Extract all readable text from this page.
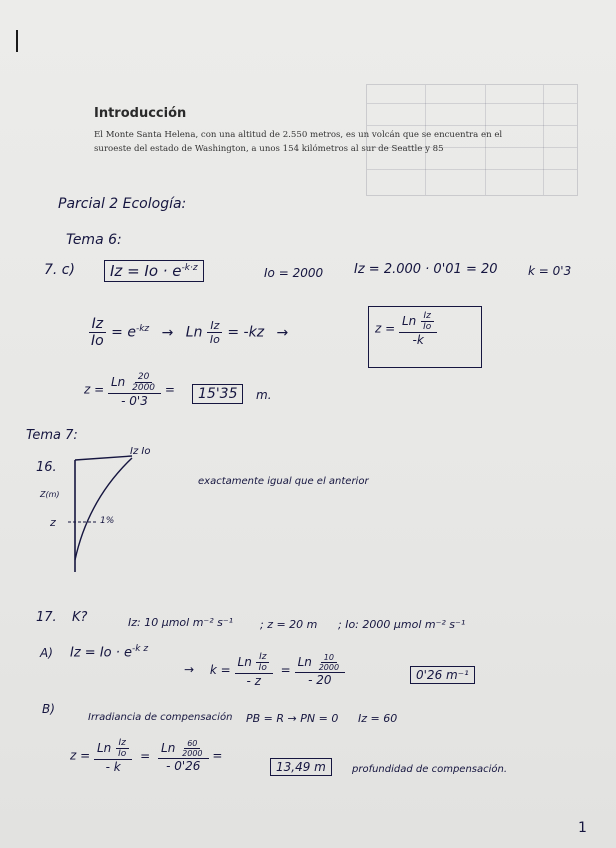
Introducción
El Monte Santa Helena, con una altitud de 2.550 metros, es un volcán que se encuentra en el suroeste del estado de Washington, a unos 154 kilómetros al sur de Seattle y 85
Parcial 2 Ecología:
Tema 6:
7. c)	$Iz = Io \cdot e^{-k\cdot z}$	Io = 2000 Iz = 2.000 · 0'01 = 20	k = 0'3
$\frac{Iz}{Io} = e^{-kz} \to Ln \frac{Iz}{Io} = -kz$ →	$z = \frac{Ln \frac{Iz}{Io}}{-k}$
$z = \frac{Ln \frac{20}{2000}}{- 0'3}$ =	15'35	m.
Tema 7:
16.
Iz Io
Z(m)
z	1%
exactamente igual que el anterior
17. K?	Iz: 10 μmol m⁻² s⁻¹ ; z = 20 m ; Io: 2000 μmol m⁻² s⁻¹
A) $Iz = Io \cdot e^{-k z}$
→ $k = \frac{Ln \frac{Iz}{Io}}{- z} = \frac{Ln \frac{10}{2000}}{- 20}$	0'26 m⁻¹
B)
Irradiancia de compensación PB = R → PN = 0 Iz = 60
$z = \frac{Ln \frac{Iz}{Io}}{- k} = \frac{Ln \frac{60}{2000}}{- 0'26}$ =
13,49 m	profundidad de compensación.
1
